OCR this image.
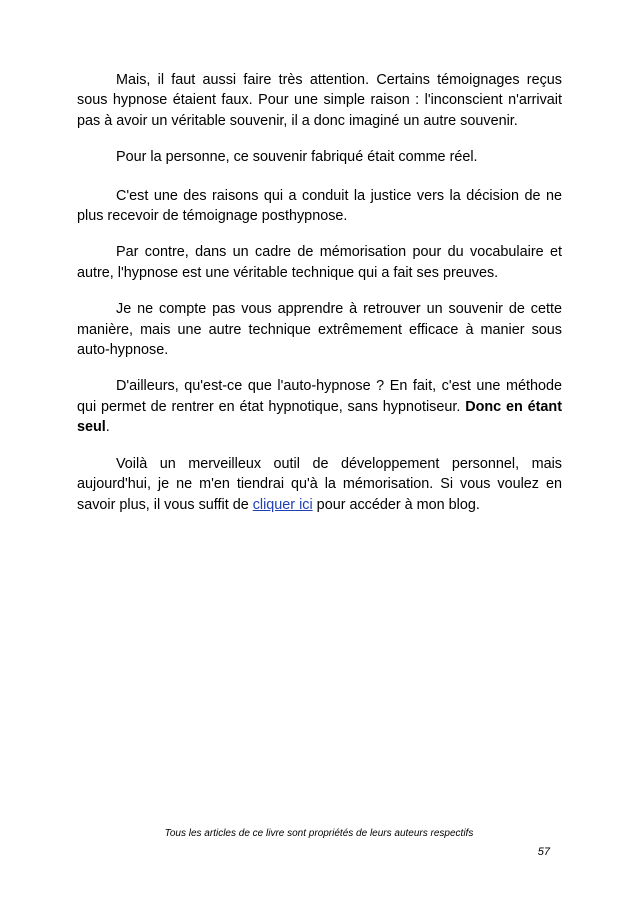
Mais, il faut aussi faire très attention. Certains témoignages reçus sous hypnose étaient faux. Pour une simple raison : l'inconscient n'arrivait pas à avoir un véritable souvenir, il a donc imaginé un autre souvenir.

Pour la personne, ce souvenir fabriqué était comme réel.

C'est une des raisons qui a conduit la justice vers la décision de ne plus recevoir de témoignage posthypnose.

Par contre, dans un cadre de mémorisation pour du vocabulaire et autre, l'hypnose est une véritable technique qui a fait ses preuves.

Je ne compte pas vous apprendre à retrouver un souvenir de cette manière, mais une autre technique extrêmement efficace à manier sous auto-hypnose.

D'ailleurs, qu'est-ce que l'auto-hypnose ? En fait, c'est une méthode qui permet de rentrer en état hypnotique, sans hypnotiseur. Donc en étant seul.

Voilà un merveilleux outil de développement personnel, mais aujourd'hui, je ne m'en tiendrai qu'à la mémorisation. Si vous voulez en savoir plus, il vous suffit de cliquer ici pour accéder à mon blog.

Tous les articles de ce livre sont propriétés de leurs auteurs respectifs
57
